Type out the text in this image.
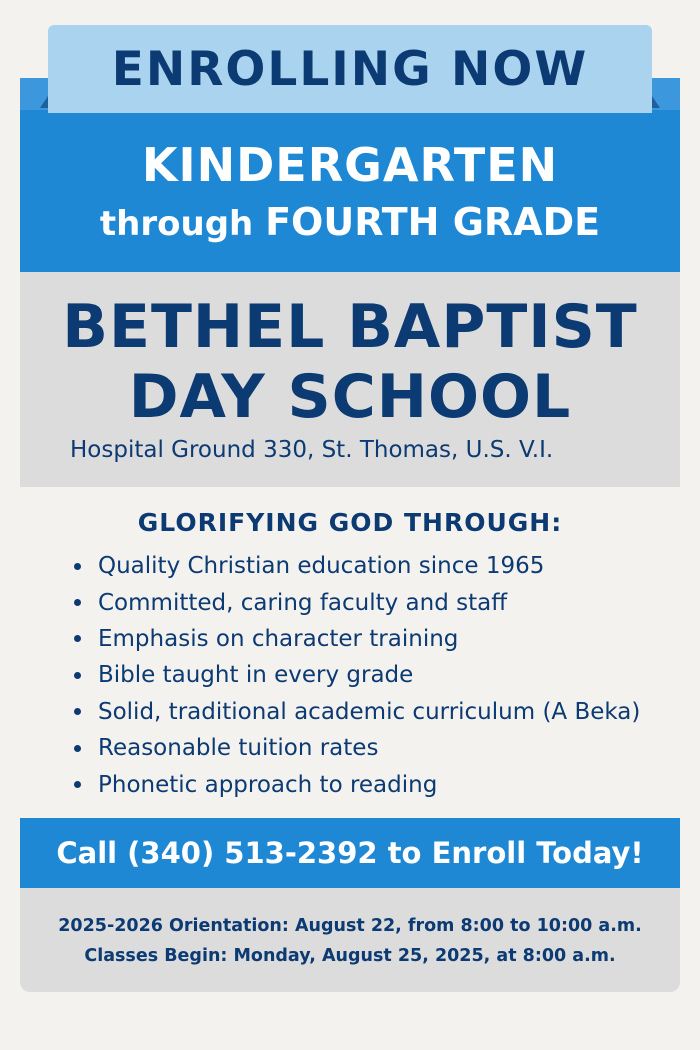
ENROLLING NOW
KINDERGARTEN
through FOURTH GRADE
BETHEL BAPTIST
DAY SCHOOL
Hospital Ground 330, St. Thomas, U.S. V.I.
GLORIFYING GOD THROUGH:
Quality Christian education since 1965
Committed, caring faculty and staff
Emphasis on character training
Bible taught in every grade
Solid, traditional academic curriculum (A Beka)
Reasonable tuition rates
Phonetic approach to reading
Call (340) 513-2392 to Enroll Today!
2025-2026 Orientation: August 22, from 8:00 to 10:00 a.m.
Classes Begin: Monday, August 25, 2025, at 8:00 a.m.
